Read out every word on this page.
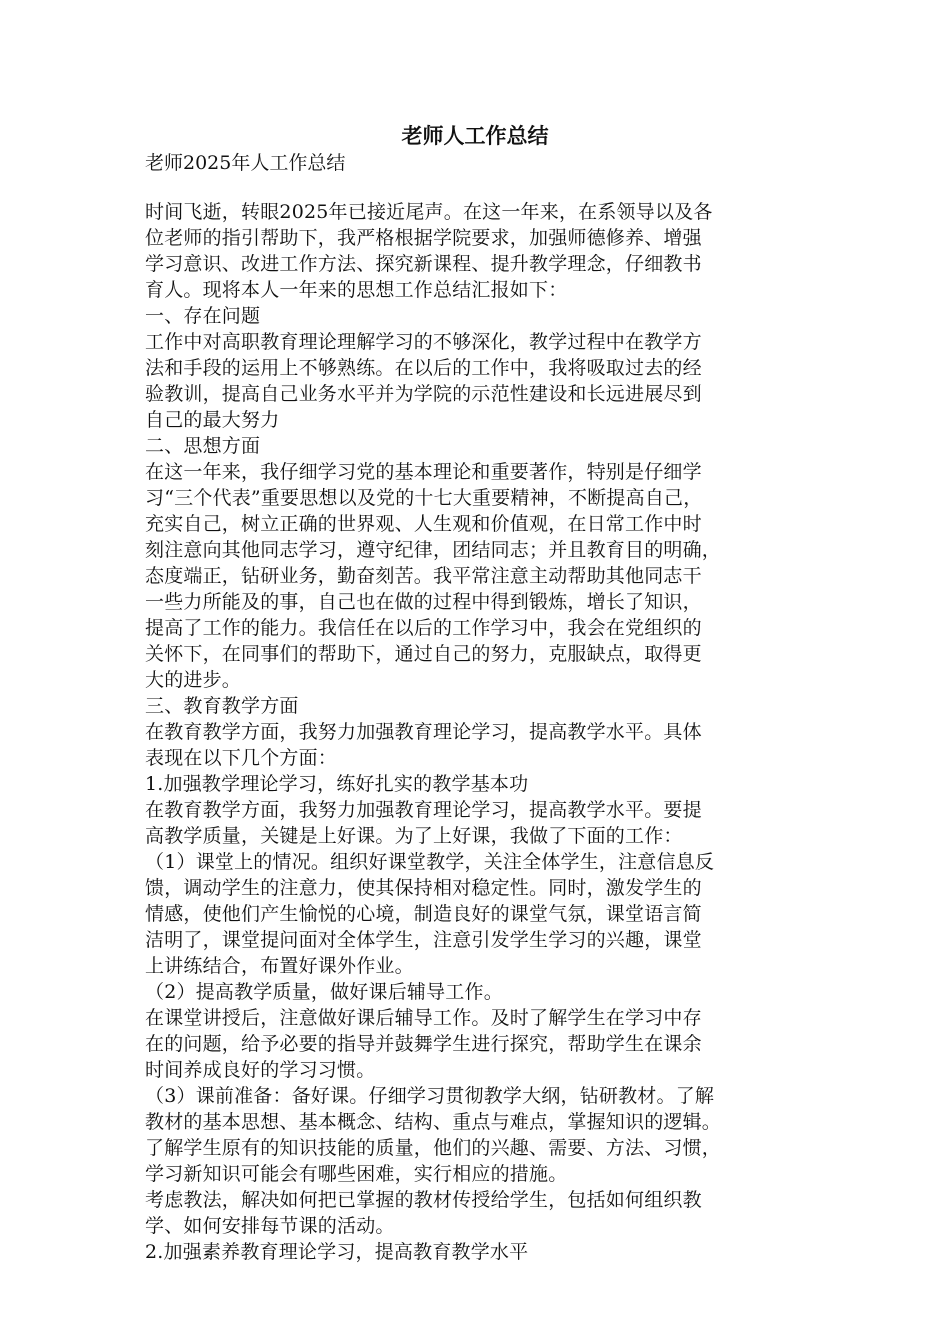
老师人工作总结
老师2025年人工作总结
时间飞逝，转眼2025年已接近尾声。在这一年来，在系领导以及各
位老师的指引帮助下，我严格根据学院要求，加强师德修养、增强
学习意识、改进工作方法、探究新课程、提升教学理念，仔细教书
育人。现将本人一年来的思想工作总结汇报如下：
一、存在问题
工作中对高职教育理论理解学习的不够深化，教学过程中在教学方
法和手段的运用上不够熟练。在以后的工作中，我将吸取过去的经
验教训，提高自己业务水平并为学院的示范性建设和长远进展尽到
自己的最大努力
二、思想方面
在这一年来，我仔细学习党的基本理论和重要著作，特别是仔细学
习“三个代表”重要思想以及党的十七大重要精神，不断提高自己，
充实自己，树立正确的世界观、人生观和价值观，在日常工作中时
刻注意向其他同志学习，遵守纪律，团结同志；并且教育目的明确，
态度端正，钻研业务，勤奋刻苦。我平常注意主动帮助其他同志干
一些力所能及的事，自己也在做的过程中得到锻炼，增长了知识，
提高了工作的能力。我信任在以后的工作学习中，我会在党组织的
关怀下，在同事们的帮助下，通过自己的努力，克服缺点，取得更
大的进步。
三、教育教学方面
在教育教学方面，我努力加强教育理论学习，提高教学水平。具体
表现在以下几个方面：
1.加强教学理论学习，练好扎实的教学基本功
在教育教学方面，我努力加强教育理论学习，提高教学水平。要提
高教学质量，关键是上好课。为了上好课，我做了下面的工作：
（1）课堂上的情况。组织好课堂教学，关注全体学生，注意信息反
馈，调动学生的注意力，使其保持相对稳定性。同时，激发学生的
情感，使他们产生愉悦的心境，制造良好的课堂气氛，课堂语言简
洁明了，课堂提问面对全体学生，注意引发学生学习的兴趣，课堂
上讲练结合，布置好课外作业。
（2）提高教学质量，做好课后辅导工作。
在课堂讲授后，注意做好课后辅导工作。及时了解学生在学习中存
在的问题，给予必要的指导并鼓舞学生进行探究，帮助学生在课余
时间养成良好的学习习惯。
（3）课前准备：备好课。仔细学习贯彻教学大纲，钻研教材。了解
教材的基本思想、基本概念、结构、重点与难点，掌握知识的逻辑。
了解学生原有的知识技能的质量，他们的兴趣、需要、方法、习惯，
学习新知识可能会有哪些困难，实行相应的措施。
考虑教法，解决如何把已掌握的教材传授给学生，包括如何组织教
学、如何安排每节课的活动。
2.加强素养教育理论学习，提高教育教学水平
